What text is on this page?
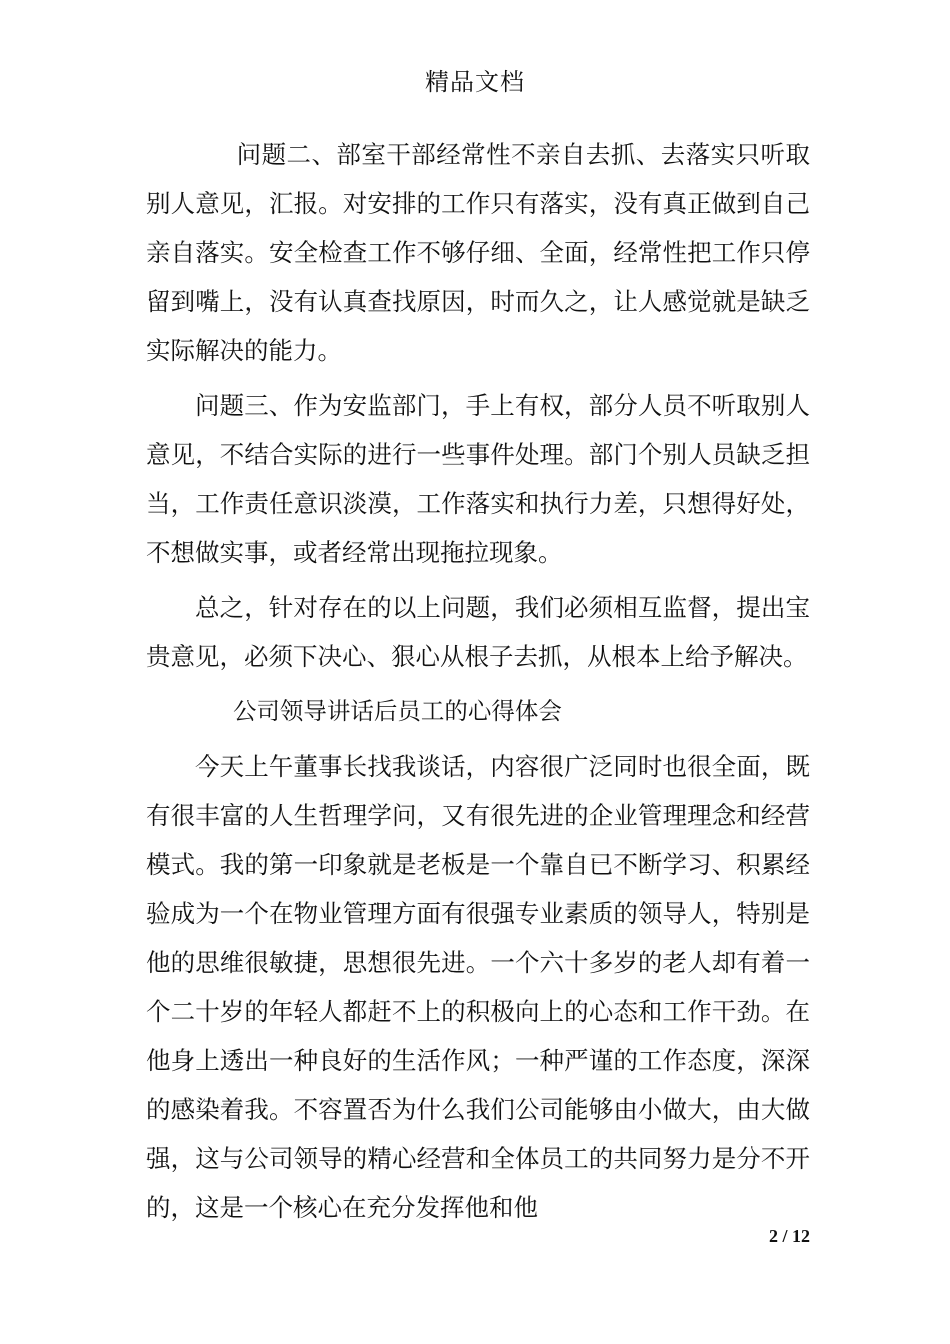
精品文档

问题二、部室干部经常性不亲自去抓、去落实只听取别人意见，汇报。对安排的工作只有落实，没有真正做到自己亲自落实。安全检查工作不够仔细、全面，经常性把工作只停留到嘴上，没有认真查找原因，时而久之，让人感觉就是缺乏实际解决的能力。

问题三、作为安监部门，手上有权，部分人员不听取别人意见，不结合实际的进行一些事件处理。部门个别人员缺乏担当，工作责任意识淡漠，工作落实和执行力差，只想得好处，不想做实事，或者经常出现拖拉现象。

总之，针对存在的以上问题，我们必须相互监督，提出宝贵意见，必须下决心、狠心从根子去抓，从根本上给予解决。

公司领导讲话后员工的心得体会

今天上午董事长找我谈话，内容很广泛同时也很全面，既有很丰富的人生哲理学问，又有很先进的企业管理理念和经营模式。我的第一印象就是老板是一个靠自已不断学习、积累经验成为一个在物业管理方面有很强专业素质的领导人，特别是他的思维很敏捷，思想很先进。一个六十多岁的老人却有着一个二十岁的年轻人都赶不上的积极向上的心态和工作干劲。在他身上透出一种良好的生活作风；一种严谨的工作态度，深深的感染着我。不容置否为什么我们公司能够由小做大，由大做强，这与公司领导的精心经营和全体员工的共同努力是分不开的，这是一个核心在充分发挥他和他

2 / 12
